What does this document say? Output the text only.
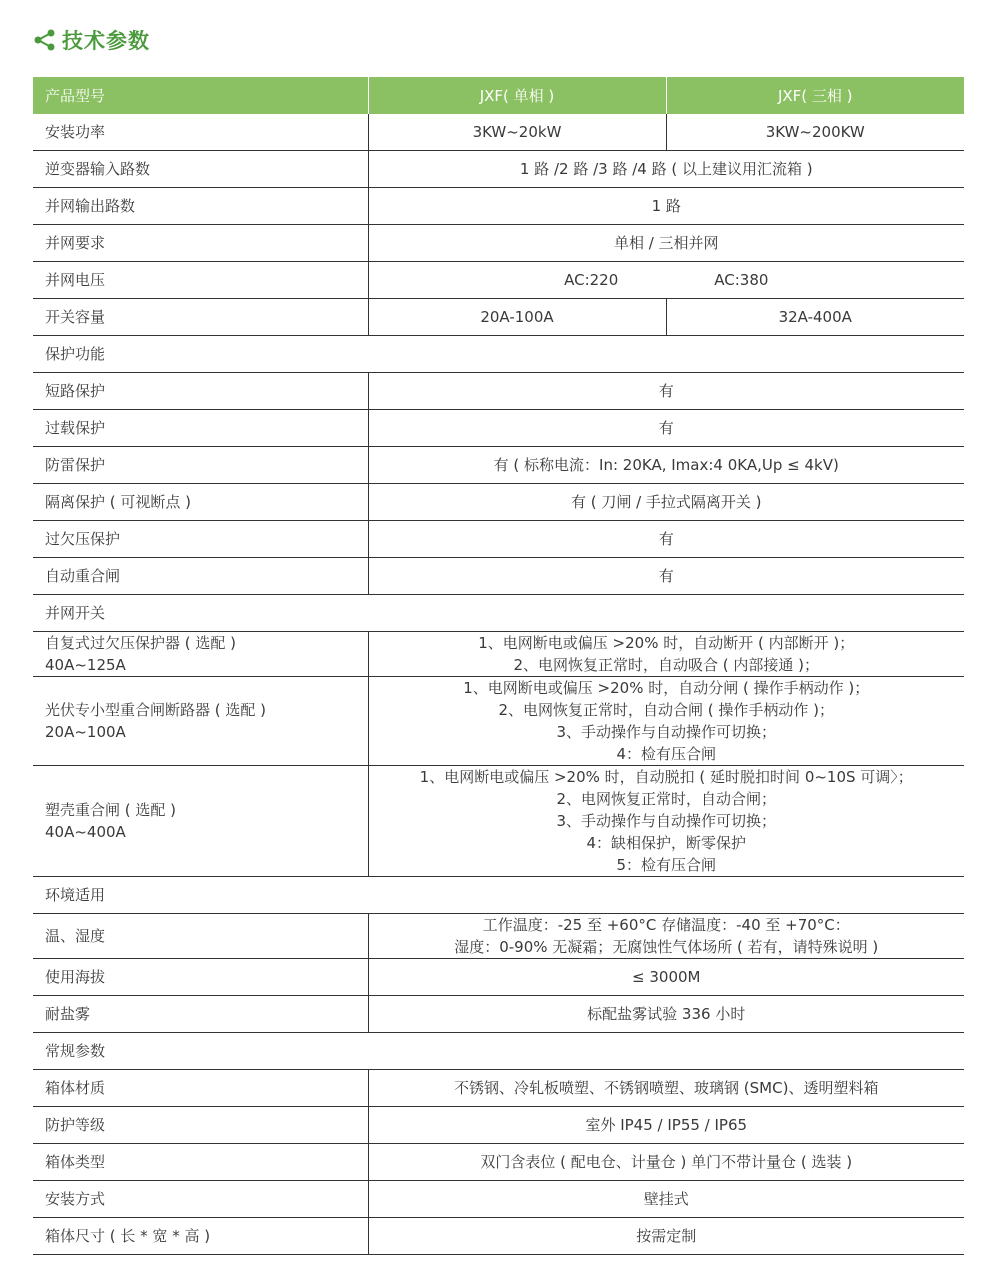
技术参数
产品型号	JXF( 单相 )	JXF( 三相 )
安装功率	3KW~20kW	3KW~200KW
逆变器输入路数	1 路 /2 路 /3 路 /4 路 ( 以上建议用汇流箱 )	
并网输出路数	1 路	
并网要求	单相 / 三相并网	
并网电压	AC:220 AC:380	

开关容量	20A-100A	32A-400A
保护功能		
短路保护	有	
过载保护	有	
防雷保护	有 ( 标称电流：In: 20KA, Imax:4 0KA,Up ≤ 4kV)	
隔离保护 ( 可视断点 )	有 ( 刀闸 / 手拉式隔离开关 )	
过欠压保护	有	
自动重合闸	有	
并网开关		

自复式过欠压保护器 ( 选配 )
40A~125A	1、电网断电或偏压 >20% 时，自动断开 ( 内部断开 )；
2、电网恢复正常时，自动吸合 ( 内部接通 )；	

光伏专小型重合闸断路器 ( 选配 )
20A~100A	1、电网断电或偏压 >20% 时，自动分闸 ( 操作手柄动作 )；
2、电网恢复正常时，自动合闸 ( 操作手柄动作 )；
3、手动操作与自动操作可切换；
4：检有压合闸	

塑壳重合闸 ( 选配 )
40A~400A	1、电网断电或偏压 >20% 时，自动脱扣 ( 延时脱扣时间 0~10S 可调〉；
2、电网恢复正常时，自动合闸；
3、手动操作与自动操作可切换；
4：缺相保护，断零保护
5：检有压合闸	

环境适用		
温、湿度	工作温度：-25 至 +60°C 存储温度：-40 至 +70°C：
湿度：0-90% 无凝霜；无腐蚀性气体场所 ( 若有，请特殊说明 )	

使用海拔	≤ 3000M	
耐盐雾	标配盐雾试验 336 小时	
常规参数		
箱体材质	不锈钢、冷轧板喷塑、不锈钢喷塑、玻璃钢 (SMC)、透明塑料箱	
防护等级	室外 IP45 / IP55 / IP65	
箱体类型	双门含表位 ( 配电仓、计量仓 ) 单门不带计量仓 ( 选装 )	
安装方式	壁挂式	
箱体尺寸 ( 长 * 宽 * 高 )	按需定制	
